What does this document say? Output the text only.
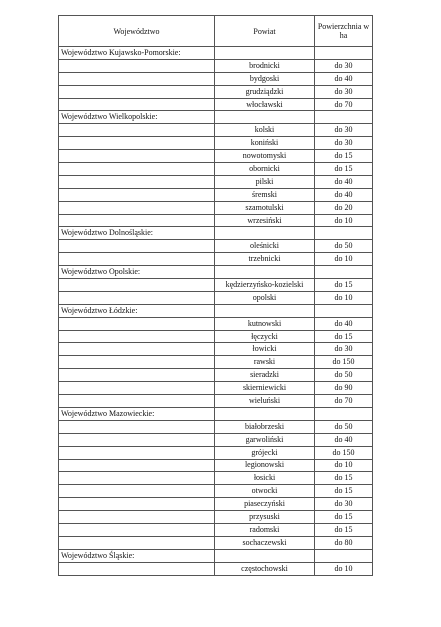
Województwo	Powiat	Powierzchnia w ha
Województwo Kujawsko-Pomorskie:		
	brodnicki	do 30
	bydgoski	do 40
	grudziądzki	do 30
	włocławski	do 70
Województwo Wielkopolskie:		
	kolski	do 30
	koniński	do 30
	nowotomyski	do 15
	obornicki	do 15
	pilski	do 40
	śremski	do 40
	szamotulski	do 20
	wrzesiński	do 10
Województwo Dolnośląskie:		
	oleśnicki	do 50
	trzebnicki	do 10
Województwo Opolskie:		
	kędzierzyńsko-kozielski	do 15
	opolski	do 10
Województwo Łódzkie:		
	kutnowski	do 40
	łęczycki	do 15
	łowicki	do 30
	rawski	do 150
	sieradzki	do 50
	skierniewicki	do 90
	wieluński	do 70
Województwo Mazowieckie:		
	białobrzeski	do 50
	garwoliński	do 40
	grójecki	do 150
	legionowski	do 10
	łosicki	do 15
	otwocki	do 15
	piaseczyński	do 30
	przysuski	do 15
	radomski	do 15
	sochaczewski	do 80
Województwo Śląskie:		
	częstochowski	do 10
